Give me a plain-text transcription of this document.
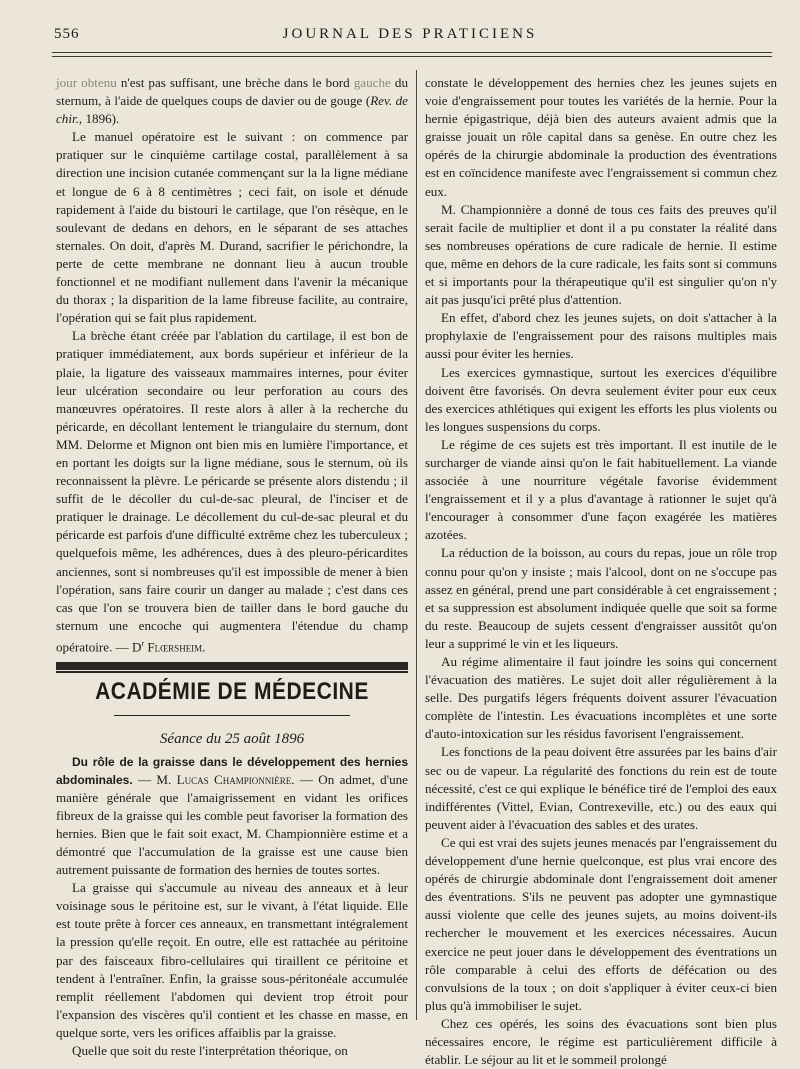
556	JOURNAL DES PRATICIENS

jour obtenu n'est pas suffisant, une brèche dans le bord gauche du sternum, à l'aide de quelques coups de davier ou de gouge (Rev. de chir., 1896).

Le manuel opératoire est le suivant : on commence par pratiquer sur le cinquième cartilage costal, parallèlement à sa direction une incision cutanée commençant sur la la ligne médiane et longue de 6 à 8 centimètres ; ceci fait, on isole et dénude rapidement à l'aide du bistouri le cartilage, que l'on résèque, en le soulevant de dedans en dehors, en le séparant de ses attaches sternales. On doit, d'après M. Durand, sacrifier le périchondre, la perte de cette membrane ne donnant lieu à aucun trouble fonctionnel et ne modifiant nullement dans l'avenir la mécanique du thorax ; la disparition de la lame fibreuse facilite, au contraire, l'opération qui se fait plus rapidement.

La brèche étant créée par l'ablation du cartilage, il est bon de pratiquer immédiatement, aux bords supérieur et inférieur de la plaie, la ligature des vaisseaux mammaires internes, pour éviter leur ulcération secondaire ou leur perforation au cours des manœuvres opératoires. Il reste alors à aller à la recherche du péricarde, en décollant lentement le triangulaire du sternum, dont MM. Delorme et Mignon ont bien mis en lumière l'importance, et en portant les doigts sur la ligne médiane, sous le sternum, où ils reconnaissent la plèvre. Le péricarde se présente alors distendu ; il suffit de le décoller du cul-de-sac pleural, de l'inciser et de pratiquer le drainage. Le décollement du cul-de-sac pleural et du péricarde est parfois d'une difficulté extrême chez les tuberculeux ; quelquefois même, les adhérences, dues à des pleuro-péricardites anciennes, sont si nombreuses qu'il est impossible de mener à bien l'opération, sans faire courir un danger au malade ; c'est dans ces cas que l'on se trouvera bien de tailler dans le bord gauche du sternum une encoche qui augmentera l'étendue du champ opératoire. — $D^r$ Flœrsheim.

ACADÉMIE DE MÉDECINE
Séance du 25 août 1896

Du rôle de la graisse dans le développement des hernies abdominales. — M. Lucas Championnière. — On admet, d'une manière générale que l'amaigrissement en vidant les orifices fibreux de la graisse qui les comble peut favoriser la formation des hernies. Bien que le fait soit exact, M. Championnière estime et a démontré que l'accumulation de la graisse est une cause bien autrement puissante de formation des hernies de toutes sortes.

La graisse qui s'accumule au niveau des anneaux et à leur voisinage sous le péritoine est, sur le vivant, à l'état liquide. Elle est toute prête à forcer ces anneaux, en transmettant intégralement la pression qu'elle reçoit. En outre, elle est rattachée au péritoine par des faisceaux fibro-cellulaires qui tiraillent ce péritoine et tendent à l'entraîner. Enfin, la graisse sous-péritonéale accumulée remplit réellement l'abdomen qui devient trop étroit pour l'expansion des viscères qu'il contient et les chasse en masse, en quelque sorte, vers les orifices affaiblis par la graisse.

Quelle que soit du reste l'interprétation théorique, on

constate le développement des hernies chez les jeunes sujets en voie d'engraissement pour toutes les variétés de la hernie. Pour la hernie épigastrique, déjà bien des auteurs avaient admis que la graisse jouait un rôle capital dans sa genèse. En outre chez les opérés de la chirurgie abdominale la production des éventrations est en coïncidence manifeste avec l'engraissement si commun chez eux.

M. Championnière a donné de tous ces faits des preuves qu'il serait facile de multiplier et dont il a pu constater la réalité dans ses nombreuses opérations de cure radicale de hernie. Il estime que, même en dehors de la cure radicale, les faits sont si communs et si importants pour la thérapeutique qu'il est singulier qu'on n'y ait pas jusqu'ici prêté plus d'attention.

En effet, d'abord chez les jeunes sujets, on doit s'attacher à la prophylaxie de l'engraissement pour des raisons multiples mais aussi pour éviter les hernies.

Les exercices gymnastique, surtout les exercices d'équilibre doivent être favorisés. On devra seulement éviter pour eux ceux des exercices athlétiques qui exigent les efforts les plus violents ou les longues suspensions du corps.

Le régime de ces sujets est très important. Il est inutile de le surcharger de viande ainsi qu'on le fait habituellement. La viande associée à une nourriture végétale favorise évidemment l'engraissement et il y a plus d'avantage à rationner le sujet qu'à l'encourager à consommer d'une façon exagérée les matières azotées.

La réduction de la boisson, au cours du repas, joue un rôle trop connu pour qu'on y insiste ; mais l'alcool, dont on ne s'occupe pas assez en général, prend une part considérable à cet engraissement ; et sa suppression est absolument indiquée quelle que soit sa forme du reste. Beaucoup de sujets cessent d'engraisser aussitôt qu'on leur a supprimé le vin et les liqueurs.

Au régime alimentaire il faut joindre les soins qui concernent l'évacuation des matières. Le sujet doit aller régulièrement à la selle. Des purgatifs légers fréquents doivent assurer l'évacuation complète de l'intestin. Les évacuations incomplètes et une sorte d'auto-intoxication sur les résidus favorisent l'engraissement.

Les fonctions de la peau doivent être assurées par les bains d'air sec ou de vapeur. La régularité des fonctions du rein est de toute nécessité, c'est ce qui explique le bénéfice tiré de l'emploi des eaux indifférentes (Vittel, Evian, Contrexeville, etc.) ou des eaux qui peuvent aider à l'évacuation des sables et des urates.

Ce qui est vrai des sujets jeunes menacés par l'engraissement du développement d'une hernie quelconque, est plus vrai encore des opérés de chirurgie abdominale dont l'engraissement doit amener des éventrations. S'ils ne peuvent pas adopter une gymnastique aussi violente que celle des jeunes sujets, au moins doivent-ils rechercher le mouvement et les exercices nécessaires. Aucun exercice ne peut jouer dans le développement des éventrations un rôle comparable à celui des efforts de défécation ou des convulsions de la toux ; on doit s'appliquer à éviter ceux-ci bien plus qu'à immobiliser le sujet.

Chez ces opérés, les soins des évacuations sont bien plus nécessaires encore, le régime est particulièrement difficile à établir. Le séjour au lit et le sommeil prolongé
